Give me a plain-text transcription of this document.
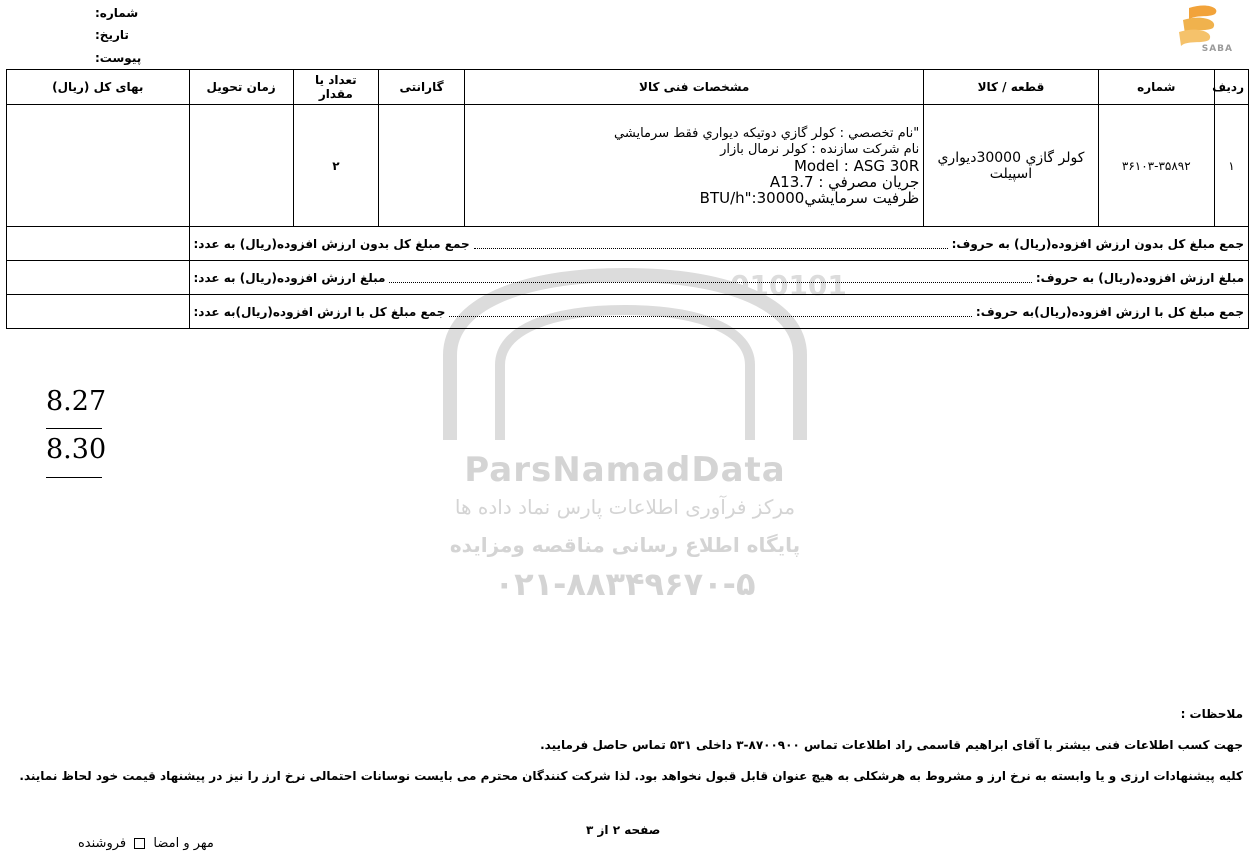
شماره:
تاریخ:
پیوست:
SABA
010101
ParsNamadData
مرکز فرآوری اطلاعات پارس نماد داده ها
پایگاه اطلاع رسانی مناقصه ومزایده
۰۲۱-۸۸۳۴۹۶۷۰-۵
ردیف	شماره	قطعه / کالا	مشخصات فنی کالا	گارانتی	تعداد یا مقدار	زمان تحویل	بهای کل (ریال)
۱	۳۶۱۰۳-۳۵۸۹۲	كولر گازي 30000ديواري اسپيلت	"نام تخصصي : كولر گازي دوتيكه ديواري فقط سرمايشي
نام شركت سازنده : كولر نرمال بازار
Model : ASG 30R
جريان مصرفي : A13.7
ظرفيت سرمايشي30000:"BTU/h		۲		

جمع مبلغ کل بدون ارزش افزوده(ریال) به حروف:
جمع مبلغ کل بدون ارزش افزوده(ریال) به عدد:							

مبلغ ارزش افزوده(ریال) به حروف:
مبلغ ارزش افزوده(ریال) به عدد:							

جمع مبلغ کل با ارزش افزوده(ریال)به حروف:
جمع مبلغ کل با ارزش افزوده(ریال)به عدد:							

8.27
8.30
ملاحظات :
جهت کسب اطلاعات فنی بیشتر با آقای ابراهیم قاسمی راد اطلاعات تماس ۸۷۰۰۹۰۰-۳ داخلی ۵۳۱ تماس حاصل فرمایید.
کلیه پیشنهادات ارزی و یا وابسته به نرخ ارز و مشروط به هرشکلی به هیچ عنوان قابل قبول نخواهد بود. لذا شرکت کنندگان محترم می بایست نوسانات احتمالی نرخ ارز را نیز در پیشنهاد قیمت خود لحاظ نمایند.
صفحه ۲ از ۳
مهر و امضا  فروشنده
